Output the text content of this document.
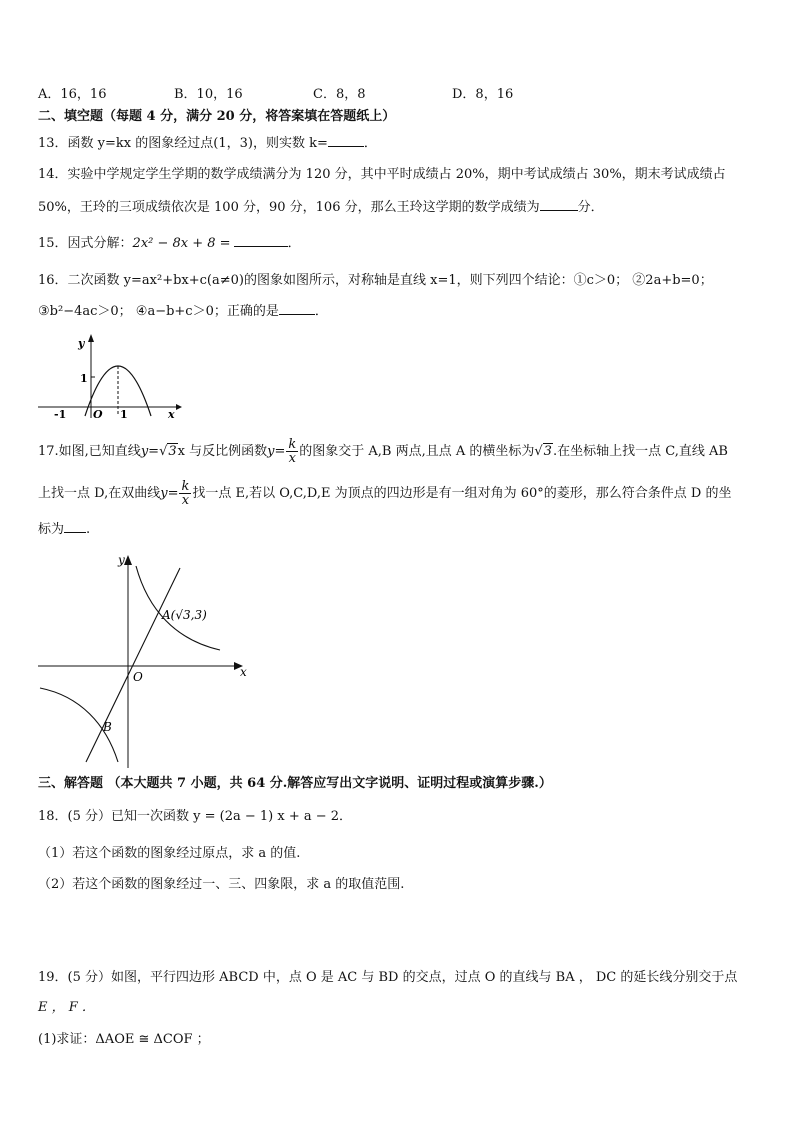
A．16，16	B．10，16	C．8，8	D．8，16
二、填空题（每题 4 分，满分 20 分，将答案填在答题纸上）
13．函数 y=kx 的图象经过点(1，3)，则实数 k=	．
14．实验中学规定学生学期的数学成绩满分为 120 分，其中平时成绩占 20%，期中考试成绩占 30%，期末考试成绩占
50%，王玲的三项成绩依次是 100 分，90 分，106 分，那么王玲这学期的数学成绩为	分．
15．因式分解：2x² − 8x + 8 =	．
16．二次函数 y=ax²+bx+c(a≠0)的图象如图所示，对称轴是直线 x=1，则下列四个结论：①c＞0； ②2a+b=0；
③b²−4ac＞0； ④a−b+c＞0；正确的是	．
y
x
1
-1 O 1
17.如图,已知直线y=√3x 与反比例函数$y= \frac{k}{x}$ 的图象交于 A,B 两点,且点 A 的横坐标为√3.在坐标轴上找一点 C,直线 AB
上找一点 D,在双曲线$y= \frac{k}{x}$ 找一点 E,若以 O,C,D,E 为顶点的四边形是有一组对角为 60°的菱形，那么符合条件点 D 的坐
标为 .
y
x
O
A(√3,3)
B
三、解答题 （本大题共 7 小题，共 64 分.解答应写出文字说明、证明过程或演算步骤.）
18．(5 分）已知一次函数 y = (2a − 1) x + a − 2．
（1）若这个函数的图象经过原点，求 a 的值.
（2）若这个函数的图象经过一、三、四象限，求 a 的取值范围.
19．(5 分）如图，平行四边形 ABCD 中，点 O 是 AC 与 BD 的交点，过点 O 的直线与 BA ， DC 的延长线分别交于点
E ， F ．
(1)求证：ΔAOE ≅ ΔCOF ；
